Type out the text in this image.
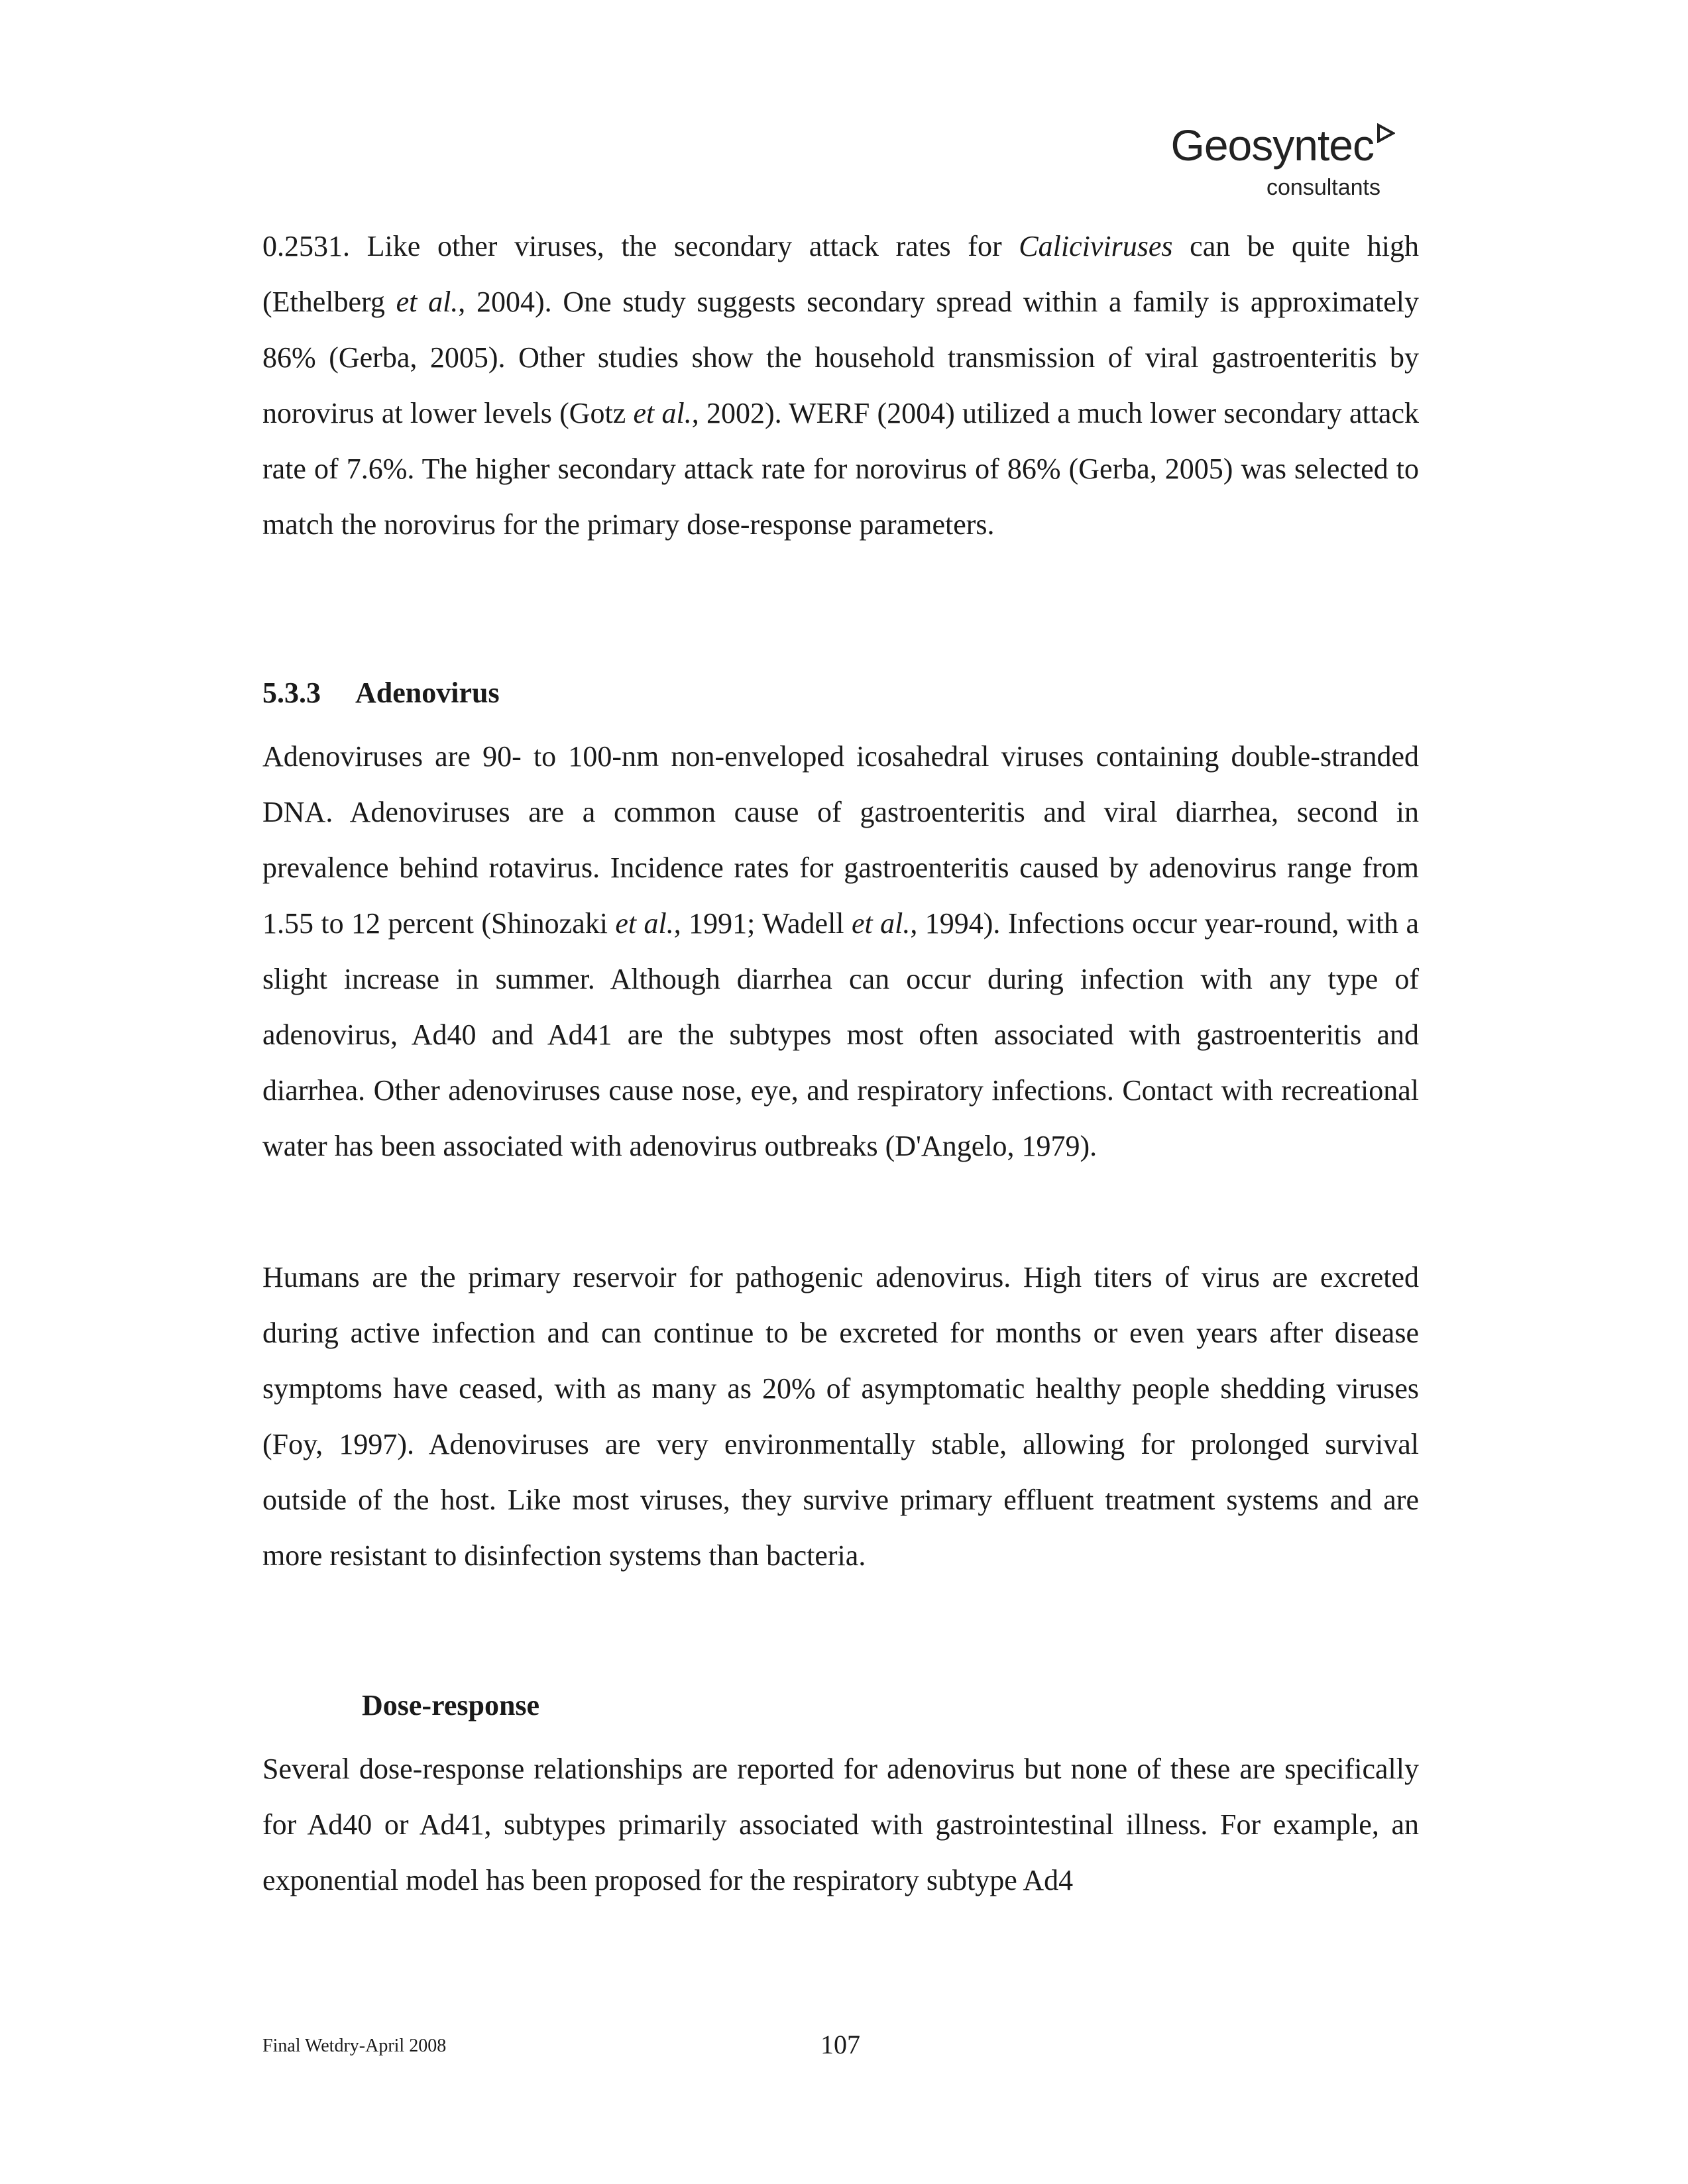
Geosyntec
consultants

0.2531. Like other viruses, the secondary attack rates for Caliciviruses can be quite high (Ethelberg et al., 2004). One study suggests secondary spread within a family is approximately 86% (Gerba, 2005). Other studies show the household transmission of viral gastroenteritis by norovirus at lower levels (Gotz et al., 2002). WERF (2004) utilized a much lower secondary attack rate of 7.6%. The higher secondary attack rate for norovirus of 86% (Gerba, 2005) was selected to match the norovirus for the primary dose-response parameters.

5.3.3 Adenovirus

Adenoviruses are 90- to 100-nm non-enveloped icosahedral viruses containing double-stranded DNA. Adenoviruses are a common cause of gastroenteritis and viral diarrhea, second in prevalence behind rotavirus. Incidence rates for gastroenteritis caused by adenovirus range from 1.55 to 12 percent (Shinozaki et al., 1991; Wadell et al., 1994). Infections occur year-round, with a slight increase in summer. Although diarrhea can occur during infection with any type of adenovirus, Ad40 and Ad41 are the subtypes most often associated with gastroenteritis and diarrhea. Other adenoviruses cause nose, eye, and respiratory infections. Contact with recreational water has been associated with adenovirus outbreaks (D'Angelo, 1979).

Humans are the primary reservoir for pathogenic adenovirus. High titers of virus are excreted during active infection and can continue to be excreted for months or even years after disease symptoms have ceased, with as many as 20% of asymptomatic healthy people shedding viruses (Foy, 1997). Adenoviruses are very environmentally stable, allowing for prolonged survival outside of the host. Like most viruses, they survive primary effluent treatment systems and are more resistant to disinfection systems than bacteria.

Dose-response

Several dose-response relationships are reported for adenovirus but none of these are specifically for Ad40 or Ad41, subtypes primarily associated with gastrointestinal illness. For example, an exponential model has been proposed for the respiratory subtype Ad4

Final Wetdry-April 2008	107
